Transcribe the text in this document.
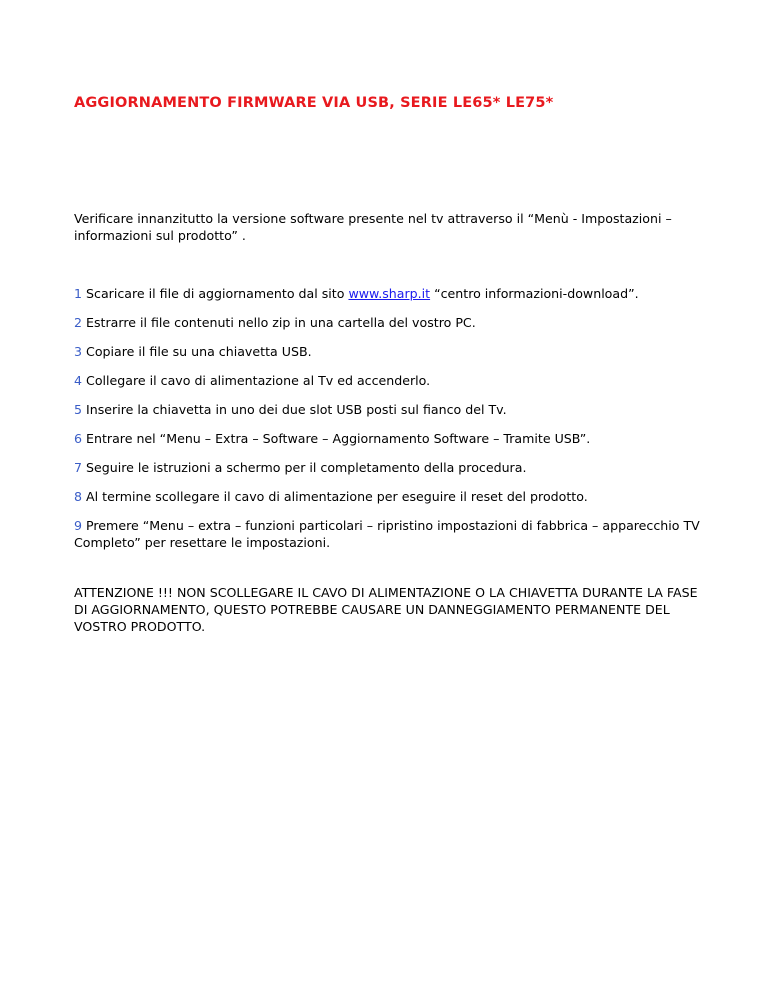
AGGIORNAMENTO FIRMWARE VIA USB, SERIE LE65* LE75*

Verificare innanzitutto la versione software presente nel tv attraverso il “Menù - Impostazioni – informazioni sul prodotto” .

1 Scaricare il file di aggiornamento dal sito www.sharp.it “centro informazioni-download”.
2 Estrarre il file contenuti nello zip in una cartella del vostro PC.
3 Copiare il file su una chiavetta USB.
4 Collegare il cavo di alimentazione al Tv ed accenderlo.
5 Inserire la chiavetta in uno dei due slot USB posti sul fianco del Tv.
6 Entrare nel “Menu – Extra – Software – Aggiornamento Software – Tramite USB”.
7 Seguire le istruzioni a schermo per il completamento della procedura.
8 Al termine scollegare il cavo di alimentazione per eseguire il reset del prodotto.
9 Premere “Menu – extra – funzioni particolari – ripristino impostazioni di fabbrica – apparecchio TV Completo” per resettare le impostazioni.

ATTENZIONE !!! NON SCOLLEGARE IL CAVO DI ALIMENTAZIONE O LA CHIAVETTA DURANTE LA FASE DI AGGIORNAMENTO, QUESTO POTREBBE CAUSARE UN DANNEGGIAMENTO PERMANENTE DEL VOSTRO PRODOTTO.
